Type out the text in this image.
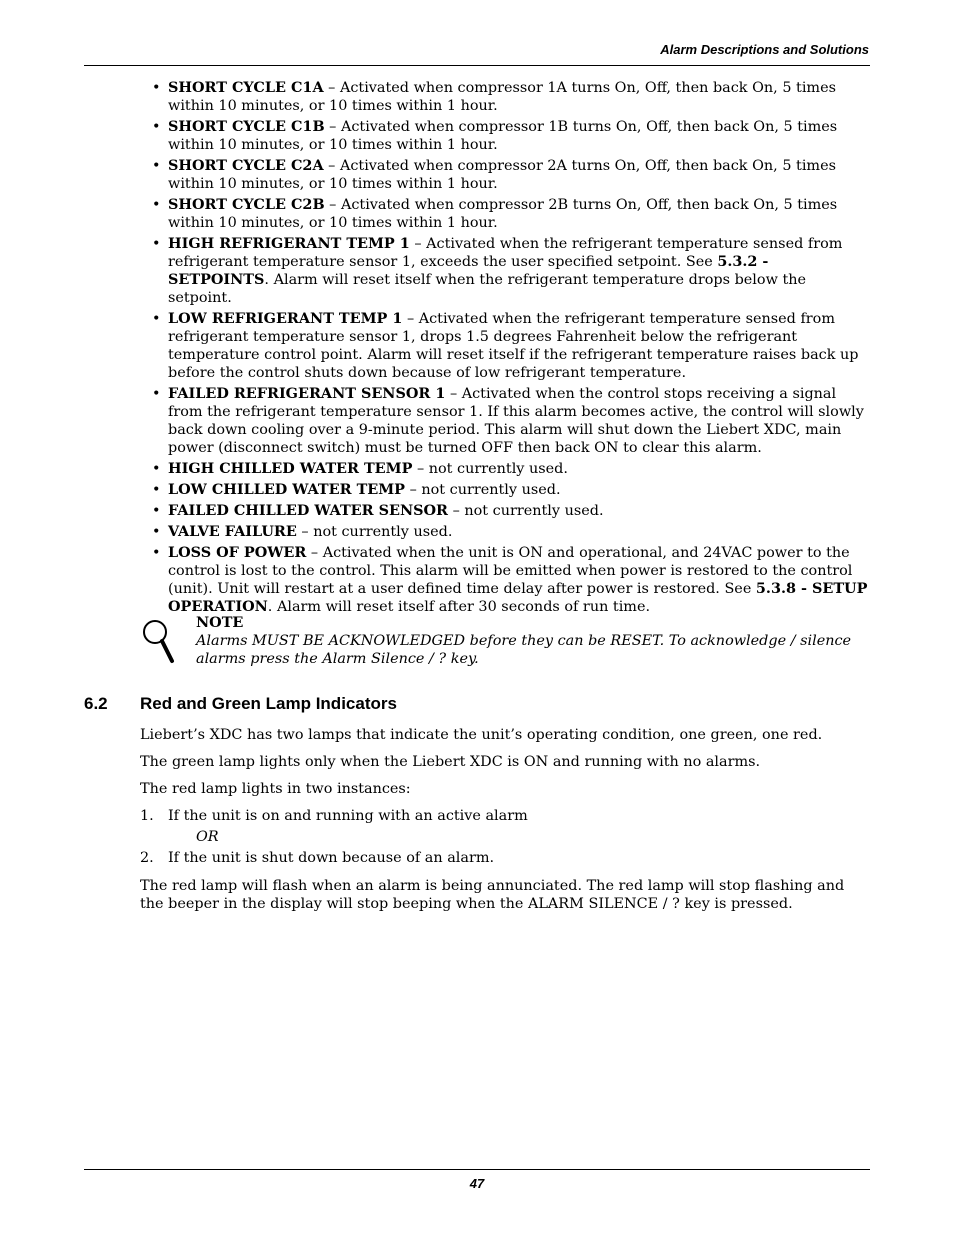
Alarm Descriptions and Solutions
• SHORT CYCLE C1A – Activated when compressor 1A turns On, Off, then back On, 5 times within 10 minutes, or 10 times within 1 hour.
• SHORT CYCLE C1B – Activated when compressor 1B turns On, Off, then back On, 5 times within 10 minutes, or 10 times within 1 hour.
• SHORT CYCLE C2A – Activated when compressor 2A turns On, Off, then back On, 5 times within 10 minutes, or 10 times within 1 hour.
• SHORT CYCLE C2B – Activated when compressor 2B turns On, Off, then back On, 5 times within 10 minutes, or 10 times within 1 hour.
• HIGH REFRIGERANT TEMP 1 – Activated when the refrigerant temperature sensed from refrigerant temperature sensor 1, exceeds the user specified setpoint. See 5.3.2 - SETPOINTS. Alarm will reset itself when the refrigerant temperature drops below the setpoint.
• LOW REFRIGERANT TEMP 1 – Activated when the refrigerant temperature sensed from refrigerant temperature sensor 1, drops 1.5 degrees Fahrenheit below the refrigerant temperature control point. Alarm will reset itself if the refrigerant temperature raises back up before the control shuts down because of low refrigerant temperature.
• FAILED REFRIGERANT SENSOR 1 – Activated when the control stops receiving a signal from the refrigerant temperature sensor 1. If this alarm becomes active, the control will slowly back down cooling over a 9-minute period. This alarm will shut down the Liebert XDC, main power (disconnect switch) must be turned OFF then back ON to clear this alarm.
• HIGH CHILLED WATER TEMP – not currently used.
• LOW CHILLED WATER TEMP – not currently used.
• FAILED CHILLED WATER SENSOR – not currently used.
• VALVE FAILURE – not currently used.
• LOSS OF POWER – Activated when the unit is ON and operational, and 24VAC power to the control is lost to the control. This alarm will be emitted when power is restored to the control (unit). Unit will restart at a user defined time delay after power is restored. See 5.3.8 - SETUP OPERATION. Alarm will reset itself after 30 seconds of run time.
NOTE
Alarms MUST BE ACKNOWLEDGED before they can be RESET. To acknowledge / silence alarms press the Alarm Silence / ? key.
6.2 Red and Green Lamp Indicators

Liebert’s XDC has two lamps that indicate the unit’s operating condition, one green, one red.

The green lamp lights only when the Liebert XDC is ON and running with no alarms.

The red lamp lights in two instances:

1. If the unit is on and running with an active alarm

OR

2. If the unit is shut down because of an alarm.

The red lamp will flash when an alarm is being annunciated. The red lamp will stop flashing and the beeper in the display will stop beeping when the ALARM SILENCE / ? key is pressed.

47
